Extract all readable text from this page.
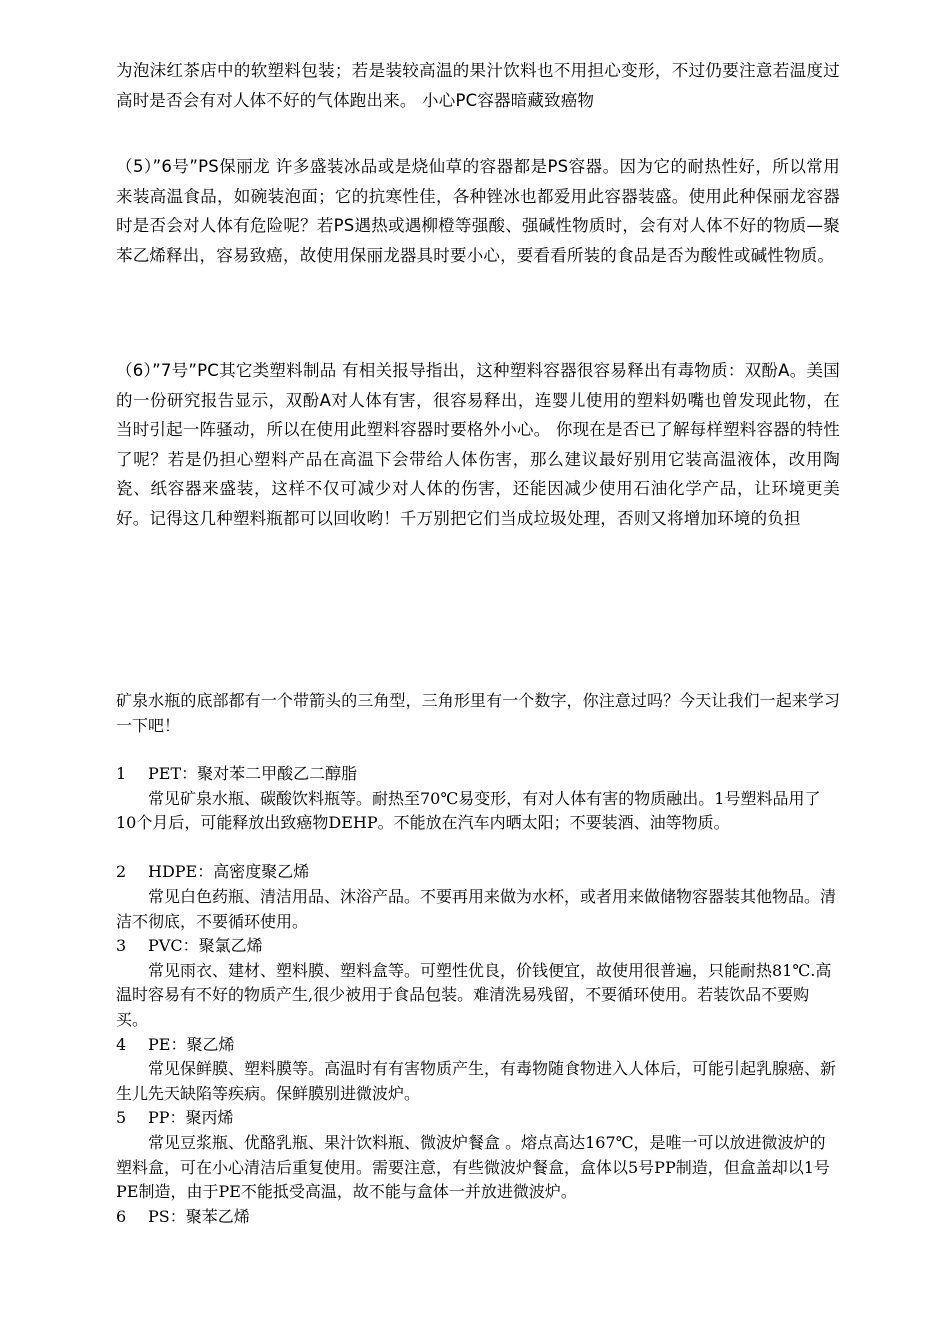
为泡沫红茶店中的软塑料包装；若是装较高温的果汁饮料也不用担心变形，不过仍要注意若温度过高时是否会有对人体不好的气体跑出来。 小心PC容器暗藏致癌物

（5）”6号”PS保丽龙 许多盛装冰品或是烧仙草的容器都是PS容器。因为它的耐热性好，所以常用来装高温食品，如碗装泡面；它的抗寒性佳，各种锉冰也都爱用此容器装盛。使用此种保丽龙容器时是否会对人体有危险呢？若PS遇热或遇柳橙等强酸、强碱性物质时，会有对人体不好的物质—聚苯乙烯释出，容易致癌，故使用保丽龙器具时要小心，要看看所装的食品是否为酸性或碱性物质。

（6）”7号”PC其它类塑料制品 有相关报导指出，这种塑料容器很容易释出有毒物质：双酚A。美国的一份研究报告显示，双酚A对人体有害，很容易释出，连婴儿使用的塑料奶嘴也曾发现此物，在当时引起一阵骚动，所以在使用此塑料容器时要格外小心。 你现在是否已了解每样塑料容器的特性了呢？若是仍担心塑料产品在高温下会带给人体伤害，那么建议最好别用它装高温液体，改用陶瓷、纸容器来盛装，这样不仅可减少对人体的伤害，还能因减少使用石油化学产品，让环境更美好。记得这几种塑料瓶都可以回收哟！千万别把它们当成垃圾处理，否则又将增加环境的负担

矿泉水瓶的底部都有一个带箭头的三角型，三角形里有一个数字，你注意过吗？今天让我们一起来学习一下吧！

1 PET：聚对苯二甲酸乙二醇脂
常见矿泉水瓶、碳酸饮料瓶等。耐热至70℃易变形，有对人体有害的物质融出。1号塑料品用了10个月后，可能释放出致癌物DEHP。不能放在汽车内晒太阳；不要装酒、油等物质。
2 HDPE：高密度聚乙烯
常见白色药瓶、清洁用品、沐浴产品。不要再用来做为水杯，或者用来做储物容器装其他物品。清洁不彻底，不要循环使用。
3 PVC：聚氯乙烯
常见雨衣、建材、塑料膜、塑料盒等。可塑性优良，价钱便宜，故使用很普遍，只能耐热81℃.高温时容易有不好的物质产生,很少被用于食品包装。难清洗易残留，不要循环使用。若装饮品不要购买。
4 PE：聚乙烯
常见保鲜膜、塑料膜等。高温时有有害物质产生，有毒物随食物进入人体后，可能引起乳腺癌、新生儿先天缺陷等疾病。保鲜膜别进微波炉。
5 PP：聚丙烯
常见豆浆瓶、优酪乳瓶、果汁饮料瓶、微波炉餐盒 。熔点高达167℃，是唯一可以放进微波炉的塑料盒，可在小心清洁后重复使用。需要注意，有些微波炉餐盒，盒体以5号PP制造，但盒盖却以1号PE制造，由于PE不能抵受高温，故不能与盒体一并放进微波炉。
6 PS：聚苯乙烯
